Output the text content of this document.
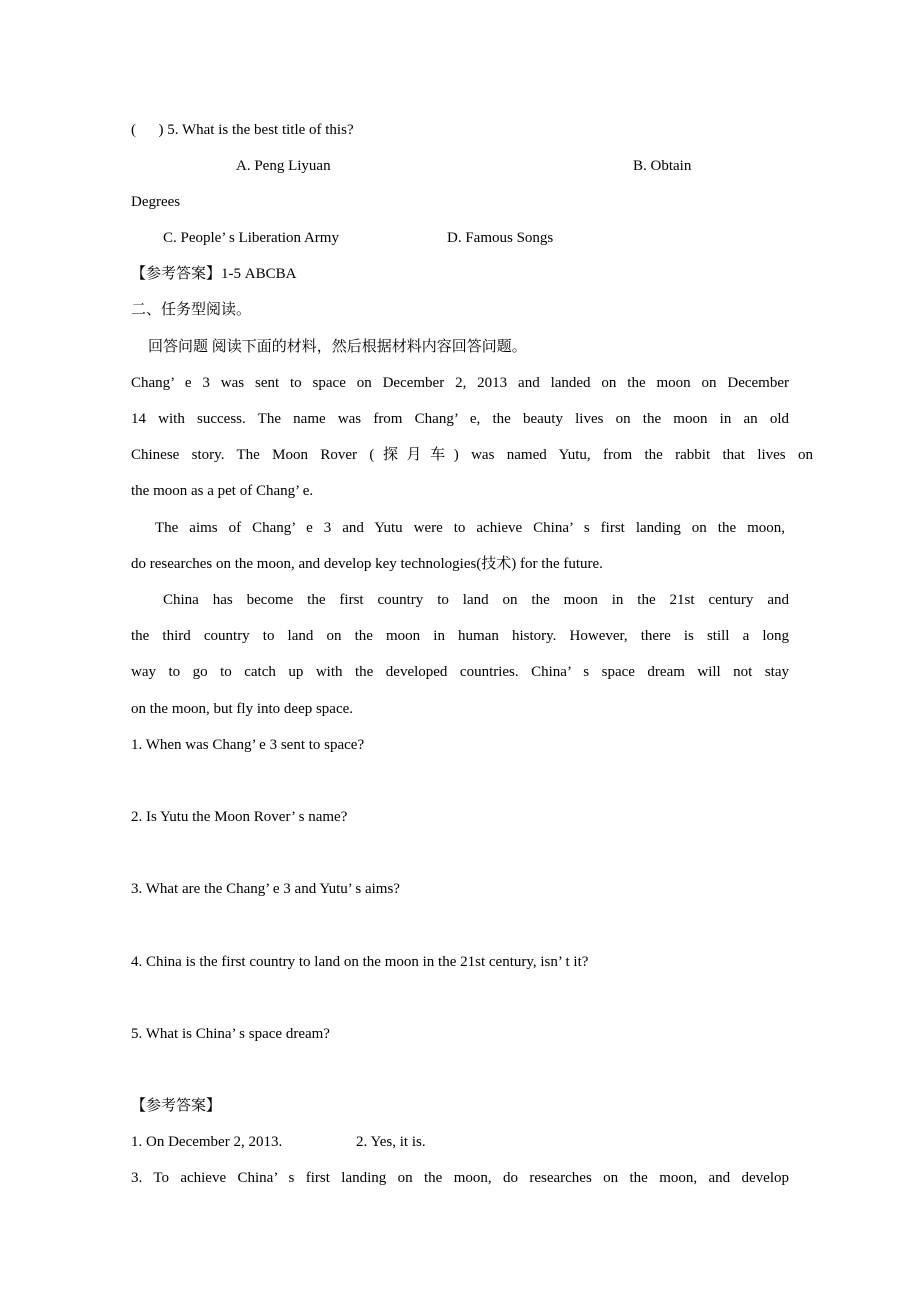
(      ) 5. What is the best title of this?
A. Peng Liyuan	B. Obtain
Degrees
C. People’ s Liberation Army	D. Famous Songs
【参考答案】1-5 ABCBA
二、任务型阅读。
回答问题 阅读下面的材料，然后根据材料内容回答问题。
Chang’ e 3 was sent to space on December 2, 2013 and landed on the moon on December
14 with success. The name was from Chang’ e, the beauty lives on the moon in an old
Chinese story. The Moon Rover (探月车) was named Yutu, from the rabbit that lives on
the moon as a pet of Chang’ e.
The aims of Chang’ e 3 and Yutu were to achieve China’ s first landing on the moon,
do researches on the moon, and develop key technologies(技术) for the future.
China has become the first country to land on the moon in the 21st century and
the third country to land on the moon in human history. However, there is still a long
way to go to catch up with the developed countries. China’ s space dream will not stay
on the moon, but fly into deep space.
1. When was Chang’ e 3 sent to space?
2. Is Yutu the Moon Rover’ s name?
3. What are the Chang’ e 3 and Yutu’ s aims?
4. China is the first country to land on the moon in the 21st century, isn’ t it?
5. What is China’ s space dream?
【参考答案】
1. On December 2, 2013.	2. Yes, it is.
3. To achieve China’ s first landing on the moon, do researches on the moon, and develop
